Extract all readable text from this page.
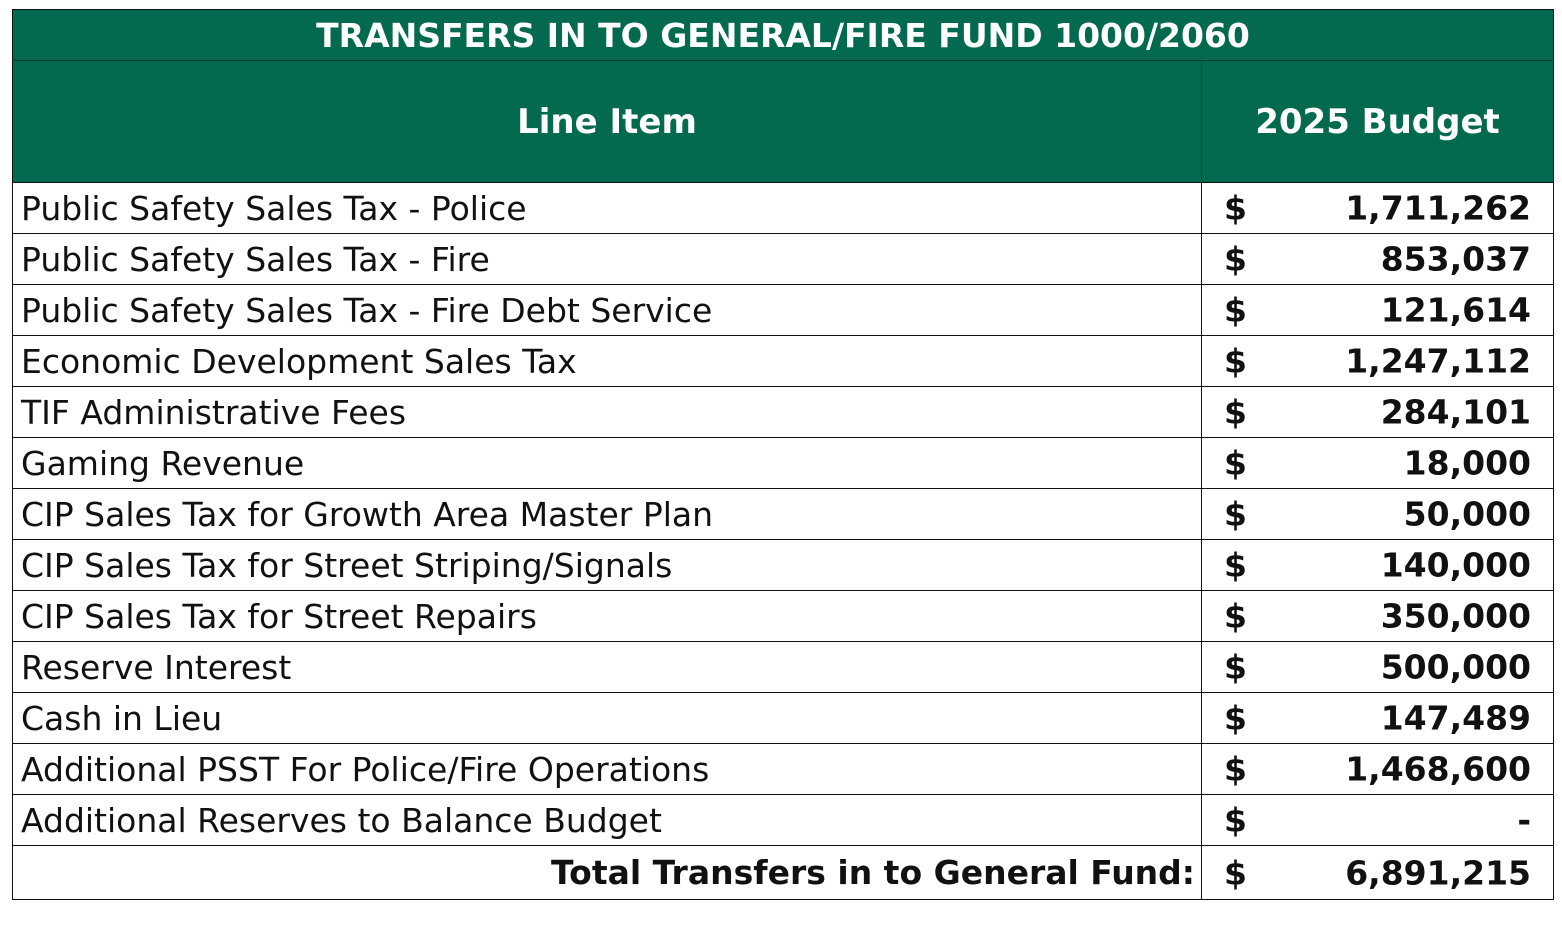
TRANSFERS IN TO GENERAL/FIRE FUND 1000/2060	
Line Item	2025 Budget
Public Safety Sales Tax - Police	$ 1,711,262

Public Safety Sales Tax - Fire	$ 853,037

Public Safety Sales Tax - Fire Debt Service	$ 121,614

Economic Development Sales Tax	$ 1,247,112

TIF Administrative Fees	$ 284,101

Gaming Revenue	$ 18,000

CIP Sales Tax for Growth Area Master Plan	$ 50,000

CIP Sales Tax for Street Striping/Signals	$ 140,000

CIP Sales Tax for Street Repairs	$ 350,000

Reserve Interest	$ 500,000

Cash in Lieu	$ 147,489

Additional PSST For Police/Fire Operations	$ 1,468,600

Additional Reserves to Balance Budget	$ -

Total Transfers in to General Fund:	$ 6,891,215
